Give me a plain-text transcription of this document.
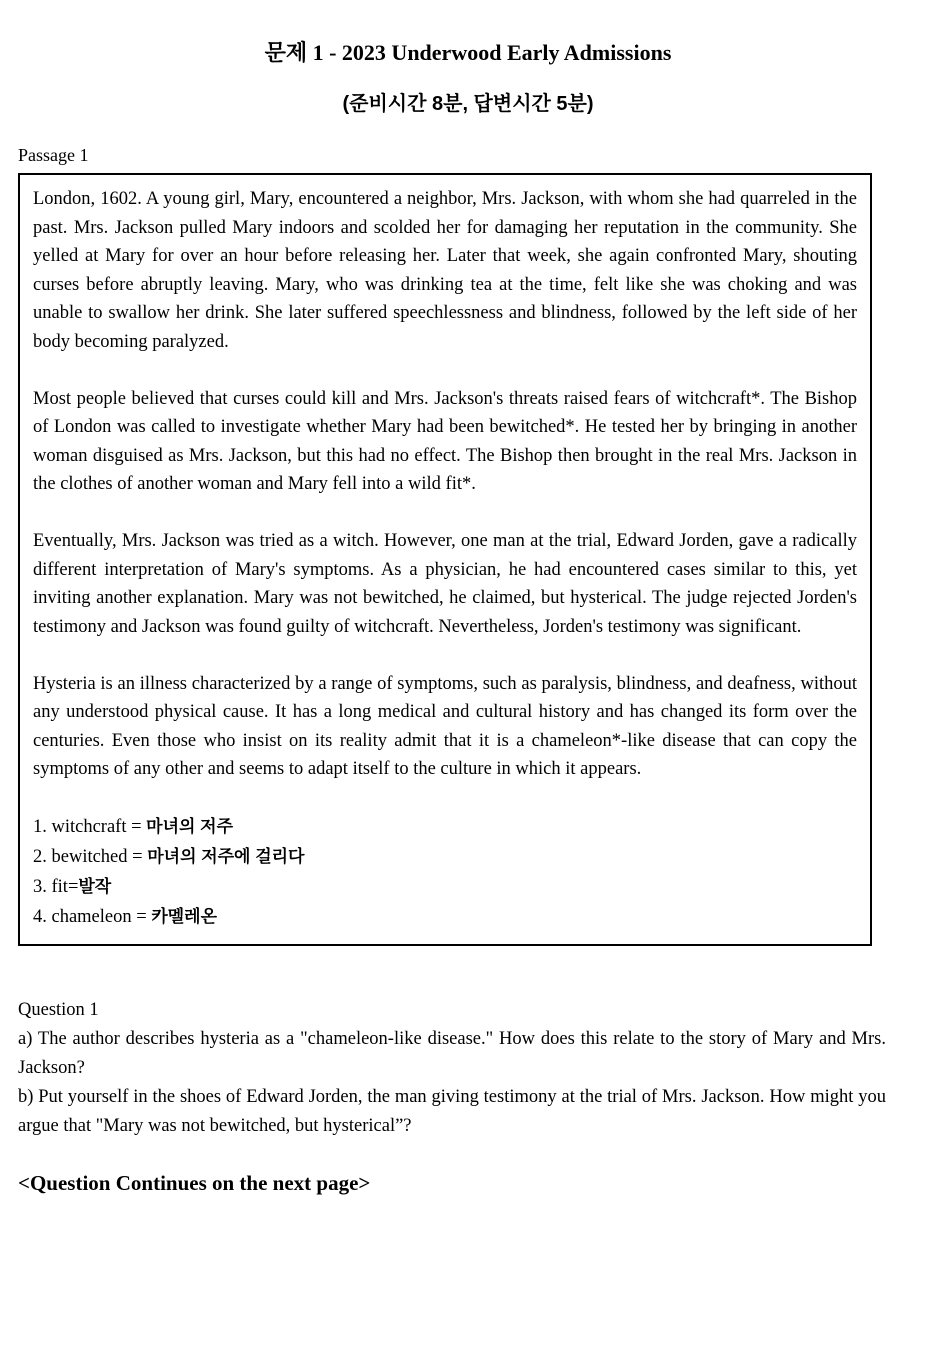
문제 1 - 2023 Underwood Early Admissions
(준비시간 8분, 답변시간 5분)
Passage 1

London, 1602. A young girl, Mary, encountered a neighbor, Mrs. Jackson, with whom she had quarreled in the past. Mrs. Jackson pulled Mary indoors and scolded her for damaging her reputation in the community. She yelled at Mary for over an hour before releasing her. Later that week, she again confronted Mary, shouting curses before abruptly leaving. Mary, who was drinking tea at the time, felt like she was choking and was unable to swallow her drink. She later suffered speechlessness and blindness, followed by the left side of her body becoming paralyzed.

Most people believed that curses could kill and Mrs. Jackson's threats raised fears of witchcraft*. The Bishop of London was called to investigate whether Mary had been bewitched*. He tested her by bringing in another woman disguised as Mrs. Jackson, but this had no effect. The Bishop then brought in the real Mrs. Jackson in the clothes of another woman and Mary fell into a wild fit*.

Eventually, Mrs. Jackson was tried as a witch. However, one man at the trial, Edward Jorden, gave a radically different interpretation of Mary's symptoms. As a physician, he had encountered cases similar to this, yet inviting another explanation. Mary was not bewitched, he claimed, but hysterical. The judge rejected Jorden's testimony and Jackson was found guilty of witchcraft. Nevertheless, Jorden's testimony was significant.

Hysteria is an illness characterized by a range of symptoms, such as paralysis, blindness, and deafness, without any understood physical cause. It has a long medical and cultural history and has changed its form over the centuries. Even those who insist on its reality admit that it is a chameleon*-like disease that can copy the symptoms of any other and seems to adapt itself to the culture in which it appears.

1. witchcraft = 마녀의 저주
2. bewitched = 마녀의 저주에 걸리다
3. fit=발작
4. chameleon = 카멜레온

Question 1

a) The author describes hysteria as a "chameleon-like disease." How does this relate to the story of Mary and Mrs. Jackson?

b) Put yourself in the shoes of Edward Jorden, the man giving testimony at the trial of Mrs. Jackson. How might you argue that "Mary was not bewitched, but hysterical”?

<Question Continues on the next page>
